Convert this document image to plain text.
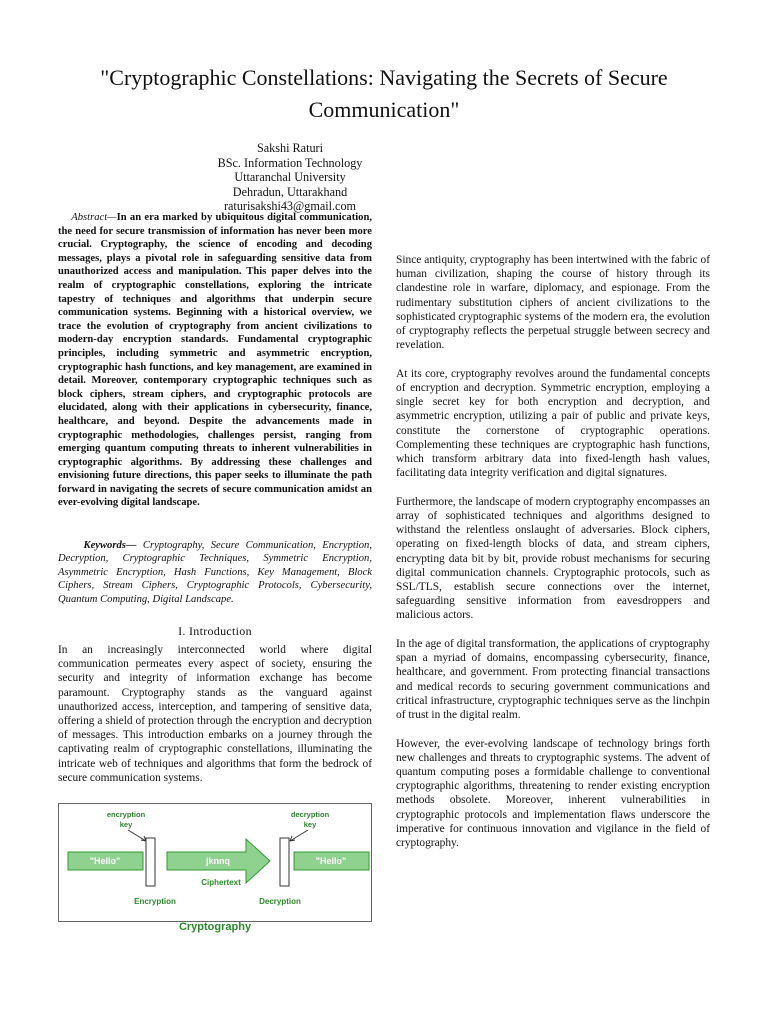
"Cryptographic Constellations: Navigating the Secrets of Secure Communication"
Sakshi Raturi
BSc. Information Technology
Uttaranchal University
Dehradun, Uttarakhand
raturisakshi43@gmail.com

Abstract—In an era marked by ubiquitous digital communication, the need for secure transmission of information has never been more crucial. Cryptography, the science of encoding and decoding messages, plays a pivotal role in safeguarding sensitive data from unauthorized access and manipulation. This paper delves into the realm of cryptographic constellations, exploring the intricate tapestry of techniques and algorithms that underpin secure communication systems. Beginning with a historical overview, we trace the evolution of cryptography from ancient civilizations to modern-day encryption standards. Fundamental cryptographic principles, including symmetric and asymmetric encryption, cryptographic hash functions, and key management, are examined in detail. Moreover, contemporary cryptographic techniques such as block ciphers, stream ciphers, and cryptographic protocols are elucidated, along with their applications in cybersecurity, finance, healthcare, and beyond. Despite the advancements made in cryptographic methodologies, challenges persist, ranging from emerging quantum computing threats to inherent vulnerabilities in cryptographic algorithms. By addressing these challenges and envisioning future directions, this paper seeks to illuminate the path forward in navigating the secrets of secure communication amidst an ever-evolving digital landscape.

Keywords— Cryptography, Secure Communication, Encryption, Decryption, Cryptographic Techniques, Symmetric Encryption, Asymmetric Encryption, Hash Functions, Key Management, Block Ciphers, Stream Ciphers, Cryptographic Protocols, Cybersecurity, Quantum Computing, Digital Landscape.

I. Introduction

In an increasingly interconnected world where digital communication permeates every aspect of society, ensuring the security and integrity of information exchange has become paramount. Cryptography stands as the vanguard against unauthorized access, interception, and tampering of sensitive data, offering a shield of protection through the encryption and decryption of messages. This introduction embarks on a journey through the captivating realm of cryptographic constellations, illuminating the intricate web of techniques and algorithms that form the bedrock of secure communication systems.

encryption
key
decryption
key
"Hello"	jknnq	"Hello"
Ciphertext
Encryption	Decryption
Cryptography

Since antiquity, cryptography has been intertwined with the fabric of human civilization, shaping the course of history through its clandestine role in warfare, diplomacy, and espionage. From the rudimentary substitution ciphers of ancient civilizations to the sophisticated cryptographic systems of the modern era, the evolution of cryptography reflects the perpetual struggle between secrecy and revelation.

At its core, cryptography revolves around the fundamental concepts of encryption and decryption. Symmetric encryption, employing a single secret key for both encryption and decryption, and asymmetric encryption, utilizing a pair of public and private keys, constitute the cornerstone of cryptographic operations. Complementing these techniques are cryptographic hash functions, which transform arbitrary data into fixed-length hash values, facilitating data integrity verification and digital signatures.

Furthermore, the landscape of modern cryptography encompasses an array of sophisticated techniques and algorithms designed to withstand the relentless onslaught of adversaries. Block ciphers, operating on fixed-length blocks of data, and stream ciphers, encrypting data bit by bit, provide robust mechanisms for securing digital communication channels. Cryptographic protocols, such as SSL/TLS, establish secure connections over the internet, safeguarding sensitive information from eavesdroppers and malicious actors.

In the age of digital transformation, the applications of cryptography span a myriad of domains, encompassing cybersecurity, finance, healthcare, and government. From protecting financial transactions and medical records to securing government communications and critical infrastructure, cryptographic techniques serve as the linchpin of trust in the digital realm.

However, the ever-evolving landscape of technology brings forth new challenges and threats to cryptographic systems. The advent of quantum computing poses a formidable challenge to conventional cryptographic algorithms, threatening to render existing encryption methods obsolete. Moreover, inherent vulnerabilities in cryptographic protocols and implementation flaws underscore the imperative for continuous innovation and vigilance in the field of cryptography.
